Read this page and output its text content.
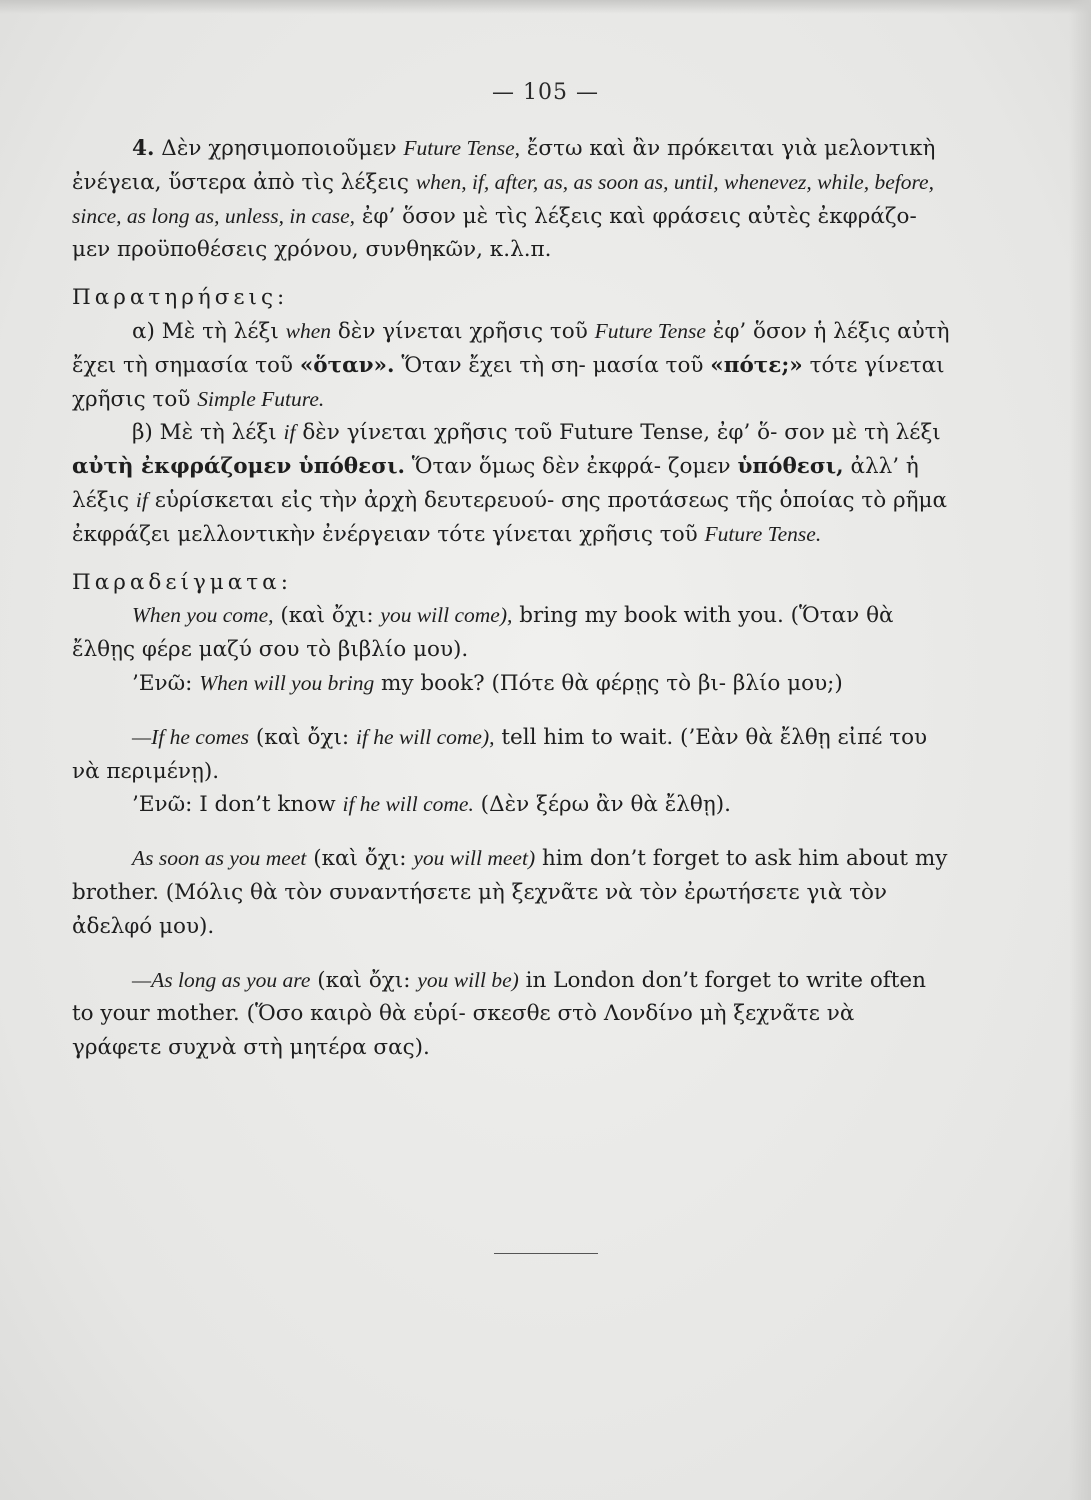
— 105 —

4. Δὲν χρησιμοποιοῦμεν Future Tense, ἔστω καὶ ἂν πρόκειται γιὰ μελοντικὴ ἐνέγεια, ὕστερα ἀπὸ τὶς λέξεις when, if, after, as, as soon as, until, whenevez, while, before, since, as long as, unless, in case, ἐφ’ ὅσον μὲ τὶς λέξεις καὶ φράσεις αὐτὲς ἐκφράζο- μεν προϋποθέσεις χρόνου, συνθηκῶν, κ.λ.π.

Παρατηρήσεις:

α) Μὲ τὴ λέξι when δὲν γίνεται χρῆσις τοῦ Future Tense ἐφ’ ὅσον ἡ λέξις αὐτὴ ἔχει τὴ σημασία τοῦ «ὅταν». Ὅταν ἔχει τὴ ση- μασία τοῦ «πότε;» τότε γίνεται χρῆσις τοῦ Simple Future.

β) Μὲ τὴ λέξι if δὲν γίνεται χρῆσις τοῦ Future Tense, ἐφ’ ὅ- σον μὲ τὴ λέξι αὐτὴ ἐκφράζομεν ὑπόθεσι. Ὅταν ὅμως δὲν ἐκφρά- ζομεν ὑπόθεσι, ἀλλ’ ἡ λέξις if εὑρίσκεται εἰς τὴν ἀρχὴ δευτερευού- σης προτάσεως τῆς ὁποίας τὸ ρῆμα ἐκφράζει μελλοντικὴν ἐνέργειαν τότε γίνεται χρῆσις τοῦ Future Tense.

Παραδείγματα:

When you come, (καὶ ὄχι: you will come), bring my book with you. (Ὅταν θὰ ἔλθῃς φέρε μαζύ σου τὸ βιβλίο μου).

’Ενῶ: When will you bring my book? (Πότε θὰ φέρῃς τὸ βι- βλίο μου;)

—If he comes (καὶ ὄχι: if he will come), tell him to wait. (’Εὰν θὰ ἔλθῃ εἰπέ του νὰ περιμένῃ).

’Ενῶ: I don’t know if he will come. (Δὲν ξέρω ἂν θὰ ἔλθῃ).

As soon as you meet (καὶ ὄχι: you will meet) him don’t forget to ask him about my brother. (Μόλις θὰ τὸν συναντήσετε μὴ ξεχνᾶτε νὰ τὸν ἐρωτήσετε γιὰ τὸν ἀδελφό μου).

—As long as you are (καὶ ὄχι: you will be) in London don’t forget to write often to your mother. (Ὅσο καιρὸ θὰ εὑρί- σκεσθε στὸ Λονδίνο μὴ ξεχνᾶτε νὰ γράφετε συχνὰ στὴ μητέρα σας).
